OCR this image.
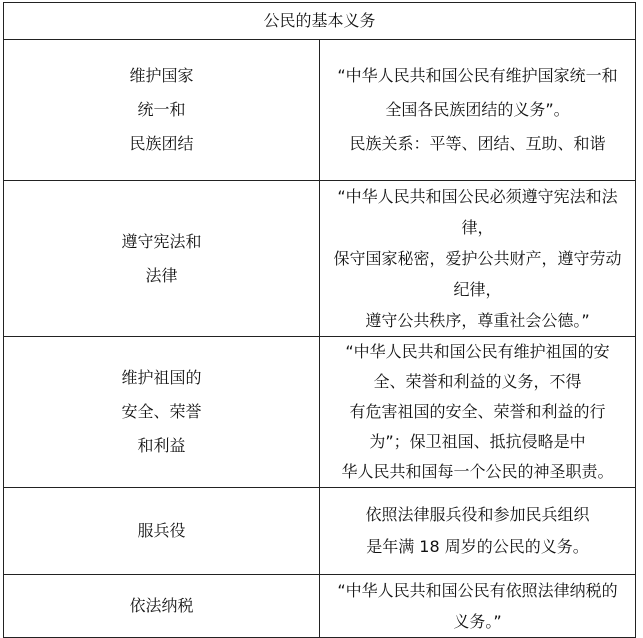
公民的基本义务	

维护国家
统一和
民族团结	“中华人民共和国公民有维护国家统一和全国各民族团结的义务”。
民族关系：平等、团结、互助、和谐

遵守宪法和
法律	“中华人民共和国公民必须遵守宪法和法律，
保守国家秘密，爱护公共财产，遵守劳动纪律，
遵守公共秩序，尊重社会公德。”

维护祖国的
安全、荣誉
和利益	“中华人民共和国公民有维护祖国的安全、荣誉和利益的义务，不得
有危害祖国的安全、荣誉和利益的行为”；保卫祖国、抵抗侵略是中
华人民共和国每一个公民的神圣职责。

服兵役	依照法律服兵役和参加民兵组织
是年满 18 周岁的公民的义务。

依法纳税	“中华人民共和国公民有依照法律纳税的义务。”
